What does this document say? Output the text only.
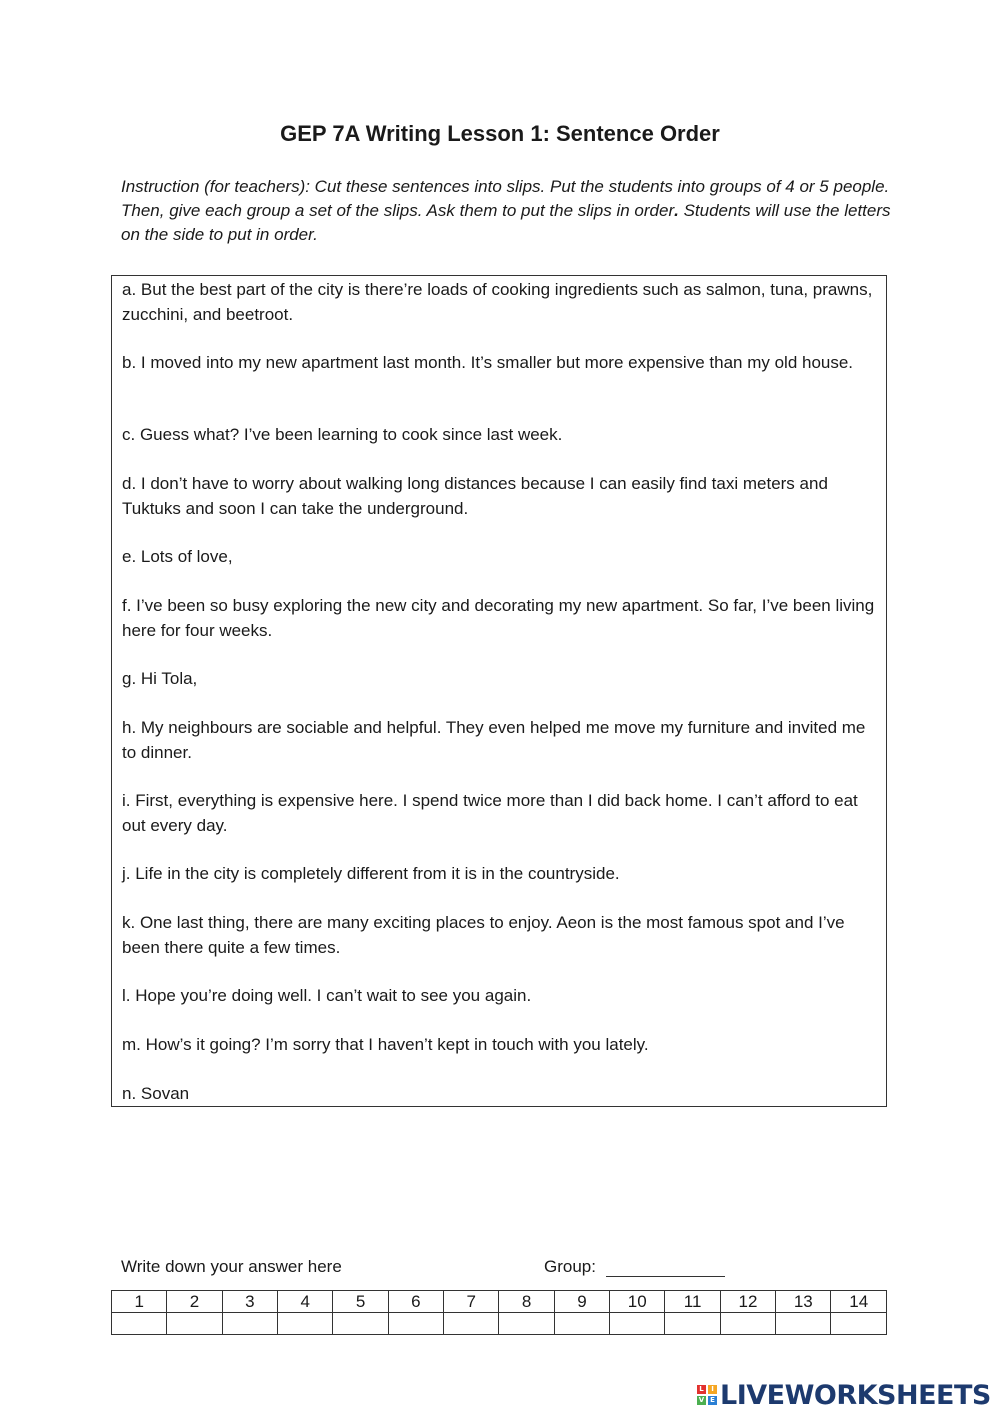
GEP 7A Writing Lesson 1: Sentence Order
Instruction (for teachers): Cut these sentences into slips. Put the students into groups of 4 or 5 people. Then, give each group a set of the slips. Ask them to put the slips in order. Students will use the letters on the side to put in order.
a. But the best part of the city is there’re loads of cooking ingredients such as salmon, tuna, prawns, zucchini, and beetroot.
b. I moved into my new apartment last month. It’s smaller but more expensive than my old house.
c. Guess what? I’ve been learning to cook since last week.
d. I don’t have to worry about walking long distances because I can easily find taxi meters and Tuktuks and soon I can take the underground.
e. Lots of love,
f. I’ve been so busy exploring the new city and decorating my new apartment. So far, I’ve been living here for four weeks.
g. Hi Tola,
h. My neighbours are sociable and helpful. They even helped me move my furniture and invited me to dinner.
i. First, everything is expensive here. I spend twice more than I did back home. I can’t afford to eat out every day.
j. Life in the city is completely different from it is in the countryside.
k. One last thing, there are many exciting places to enjoy. Aeon is the most famous spot and I’ve been there quite a few times.
l. Hope you’re doing well. I can’t wait to see you again.
m. How’s it going? I’m sorry that I haven’t kept in touch with you lately.
n. Sovan
Write down your answer here	Group:
1	2	3	4	5	6	7	8	9	10	11	12	13	14

L	I
V E LIVEWORKSHEETS
